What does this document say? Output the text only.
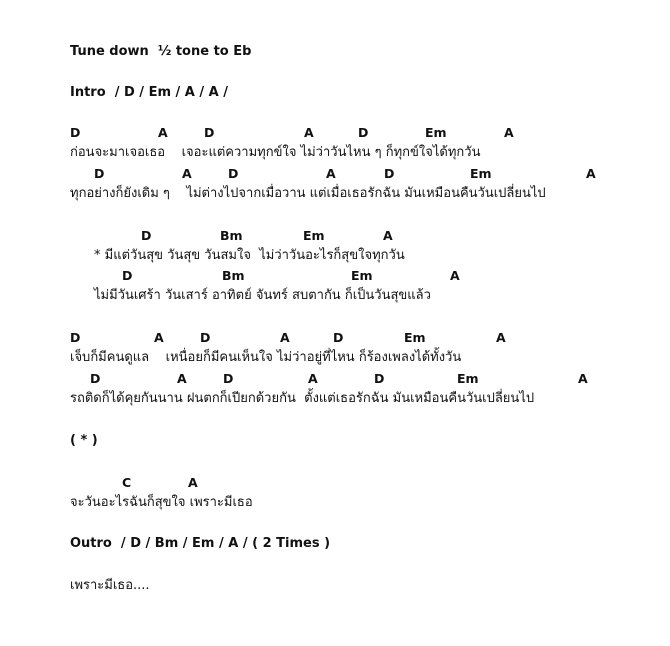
Tune down  ½ tone to Eb
Intro  / D / Em / A / A /
ก่อนจะมาเจอเธอ    เจอะแต่ความทุกข์ใจ ไม่ว่าวันไหน ๆ ก็ทุกข์ใจได้ทุกวัน
ทุกอย่างก็ยังเดิม ๆ    ไม่ต่างไปจากเมื่อวาน แต่เมื่อเธอรักฉัน มันเหมือนคืนวันเปลี่ยนไป
* มีแต่วันสุข วันสุข วันสมใจ  ไม่ว่าวันอะไรก็สุขใจทุกวัน
ไม่มีวันเศร้า วันเสาร์ อาทิตย์ จันทร์ สบตากัน ก็เป็นวันสุขแล้ว
เจ็บก็มีคนดูแล    เหนื่อยก็มีคนเห็นใจ ไม่ว่าอยู่ที่ไหน ก็ร้องเพลงได้ทั้งวัน
รถติดก็ได้คุยกันนาน ฝนตกก็เปียกด้วยกัน  ตั้งแต่เธอรักฉัน มันเหมือนคืนวันเปลี่ยนไป
( * )
จะวันอะไรฉันก็สุขใจ เพราะมีเธอ
Outro  / D / Bm / Em / A / ( 2 Times )
เพราะมีเธอ....
D	A	D	A	D	Em	A
D	A	D	A	D	Em	A
D	Bm	Em	A
D	Bm	Em	A
D	A	D	A	D	Em	A
D	A	D	A	D	Em	A
C	A
